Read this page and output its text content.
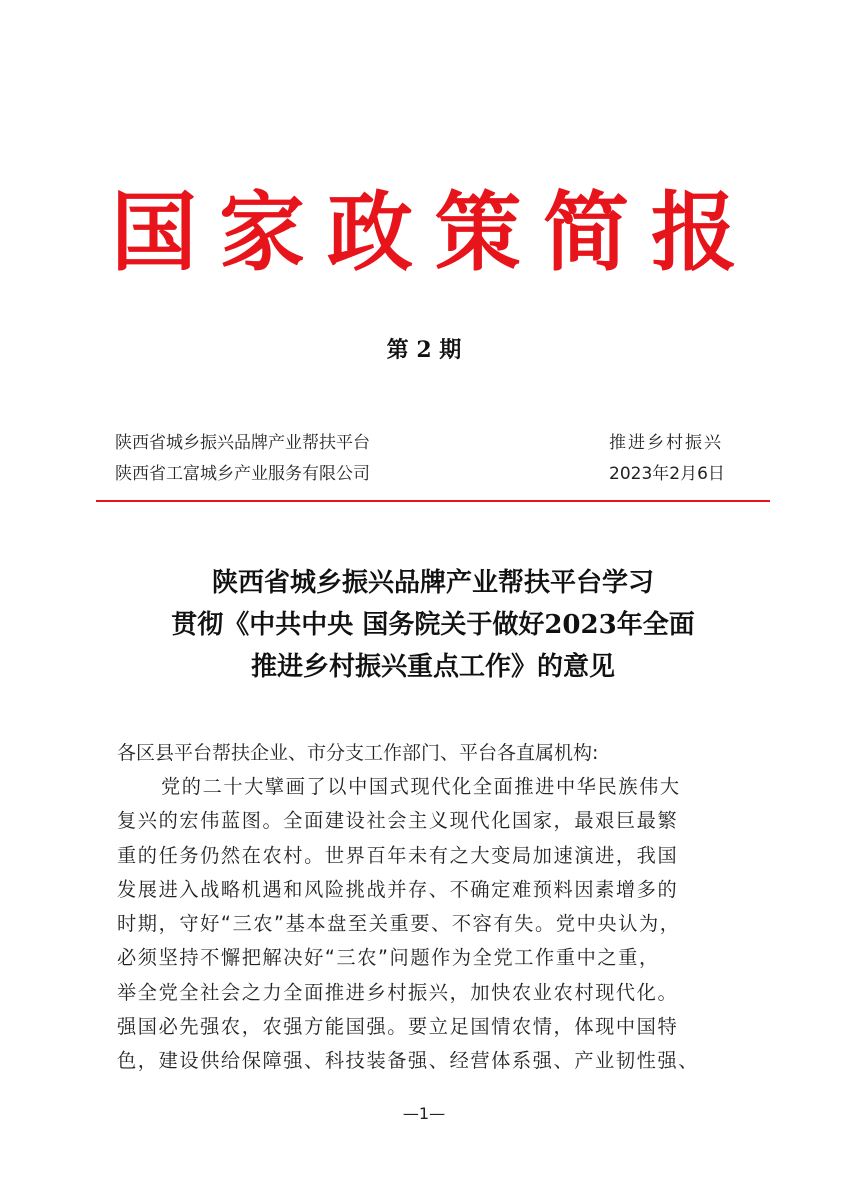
国家政策简报
第 2 期
陕西省城乡振兴品牌产业帮扶平台
陕西省工富城乡产业服务有限公司
推进乡村振兴
2023年2月6日
陕西省城乡振兴品牌产业帮扶平台学习
贯彻《中共中央 国务院关于做好2023年全面
推进乡村振兴重点工作》的意见
各区县平台帮扶企业、市分支工作部门、平台各直属机构:
党的二十大擘画了以中国式现代化全面推进中华民族伟大
复兴的宏伟蓝图。全面建设社会主义现代化国家，最艰巨最繁
重的任务仍然在农村。世界百年未有之大变局加速演进，我国
发展进入战略机遇和风险挑战并存、不确定难预料因素增多的
时期，守好“三农”基本盘至关重要、不容有失。党中央认为，
必须坚持不懈把解决好“三农”问题作为全党工作重中之重，
举全党全社会之力全面推进乡村振兴，加快农业农村现代化。
强国必先强农，农强方能国强。要立足国情农情，体现中国特
色，建设供给保障强、科技装备强、经营体系强、产业韧性强、
—1—
